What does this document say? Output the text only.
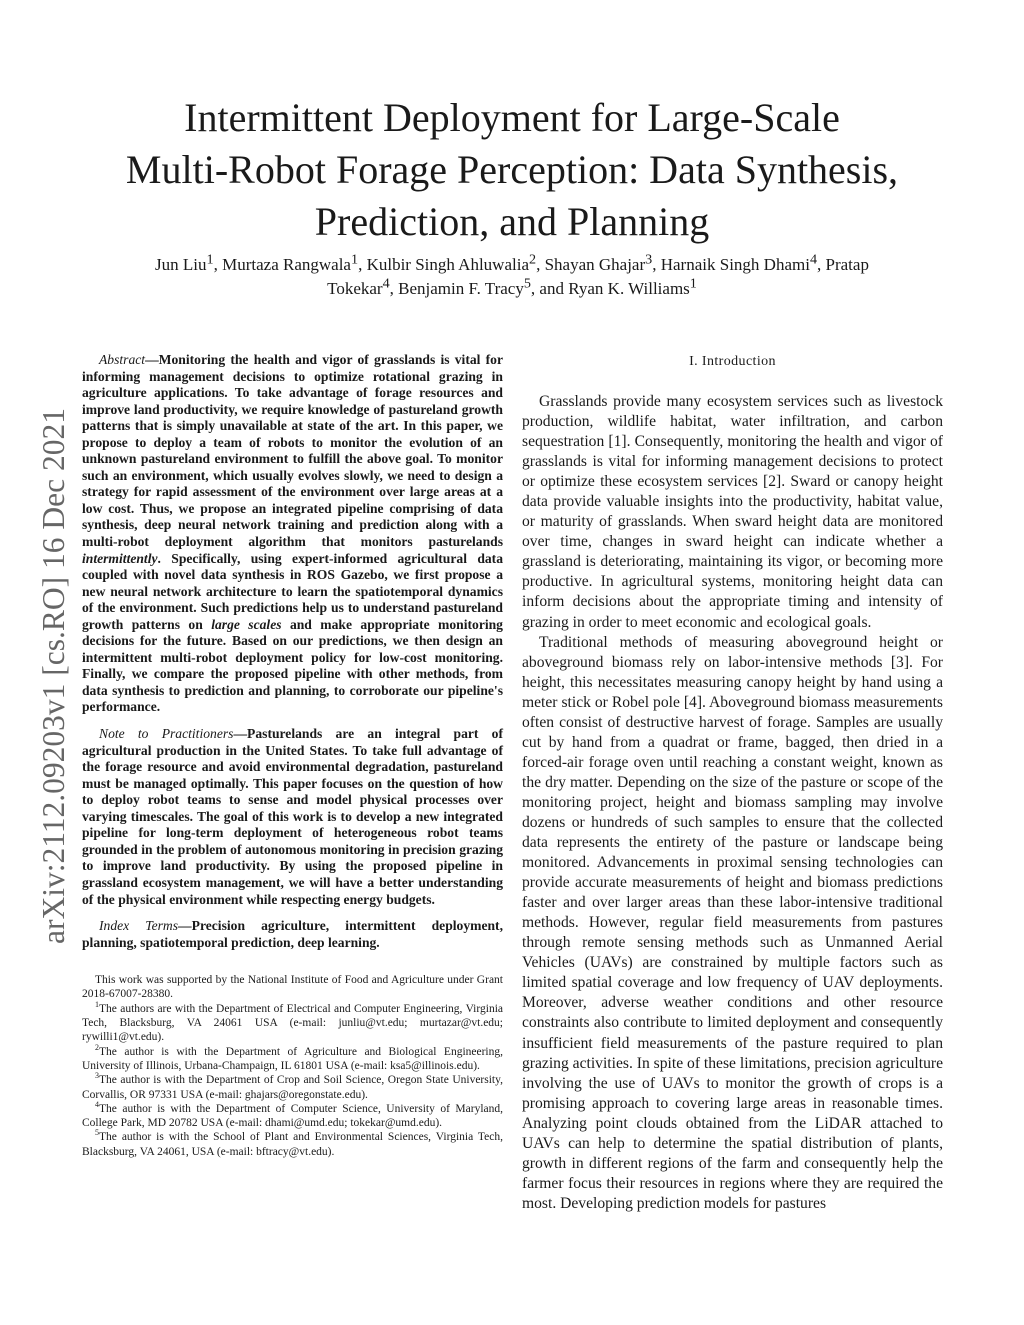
Intermittent Deployment for Large-Scale
Multi-Robot Forage Perception: Data Synthesis,
Prediction, and Planning
Jun Liu$^1$, Murtaza Rangwala$^1$, Kulbir Singh Ahluwalia$^2$, Shayan Ghajar$^3$, Harnaik Singh Dhami$^4$, Pratap
Tokekar$^4$, Benjamin F. Tracy$^5$, and Ryan K. Williams$^1$
arXiv:2112.09203v1 [cs.RO] 16 Dec 2021

Abstract—Monitoring the health and vigor of grasslands is vital for informing management decisions to optimize rotational grazing in agriculture applications. To take advantage of forage resources and improve land productivity, we require knowledge of pastureland growth patterns that is simply unavailable at state of the art. In this paper, we propose to deploy a team of robots to monitor the evolution of an unknown pastureland environment to fulfill the above goal. To monitor such an environment, which usually evolves slowly, we need to design a strategy for rapid assessment of the environment over large areas at a low cost. Thus, we propose an integrated pipeline comprising of data synthesis, deep neural network training and prediction along with a multi-robot deployment algorithm that monitors pasturelands intermittently. Specifically, using expert-informed agricultural data coupled with novel data synthesis in ROS Gazebo, we first propose a new neural network architecture to learn the spatiotemporal dynamics of the environment. Such predictions help us to understand pastureland growth patterns on large scales and make appropriate monitoring decisions for the future. Based on our predictions, we then design an intermittent multi-robot deployment policy for low-cost monitoring. Finally, we compare the proposed pipeline with other methods, from data synthesis to prediction and planning, to corroborate our pipeline's performance.

Note to Practitioners—Pasturelands are an integral part of agricultural production in the United States. To take full advantage of the forage resource and avoid environmental degradation, pastureland must be managed optimally. This paper focuses on the question of how to deploy robot teams to sense and model physical processes over varying timescales. The goal of this work is to develop a new integrated pipeline for long-term deployment of heterogeneous robot teams grounded in the problem of autonomous monitoring in precision grazing to improve land productivity. By using the proposed pipeline in grassland ecosystem management, we will have a better understanding of the physical environment while respecting energy budgets.

Index Terms—Precision agriculture, intermittent deployment, planning, spatiotemporal prediction, deep learning.

This work was supported by the National Institute of Food and Agriculture under Grant 2018-67007-28380.

$^1$The authors are with the Department of Electrical and Computer Engineering, Virginia Tech, Blacksburg, VA 24061 USA (e-mail: junliu@vt.edu; murtazar@vt.edu; rywilli1@vt.edu).

$^2$The author is with the Department of Agriculture and Biological Engineering, University of Illinois, Urbana-Champaign, IL 61801 USA (e-mail: ksa5@illinois.edu).

$^3$The author is with the Department of Crop and Soil Science, Oregon State University, Corvallis, OR 97331 USA (e-mail: ghajars@oregonstate.edu).

$^4$The author is with the Department of Computer Science, University of Maryland, College Park, MD 20782 USA (e-mail: dhami@umd.edu; tokekar@umd.edu).

$^5$The author is with the School of Plant and Environmental Sciences, Virginia Tech, Blacksburg, VA 24061, USA (e-mail: bftracy@vt.edu).

I. Introduction

Grasslands provide many ecosystem services such as livestock production, wildlife habitat, water infiltration, and carbon sequestration [1]. Consequently, monitoring the health and vigor of grasslands is vital for informing management decisions to protect or optimize these ecosystem services [2]. Sward or canopy height data provide valuable insights into the productivity, habitat value, or maturity of grasslands. When sward height data are monitored over time, changes in sward height can indicate whether a grassland is deteriorating, maintaining its vigor, or becoming more productive. In agricultural systems, monitoring height data can inform decisions about the appropriate timing and intensity of grazing in order to meet economic and ecological goals.

Traditional methods of measuring aboveground height or aboveground biomass rely on labor-intensive methods [3]. For height, this necessitates measuring canopy height by hand using a meter stick or Robel pole [4]. Aboveground biomass measurements often consist of destructive harvest of forage. Samples are usually cut by hand from a quadrat or frame, bagged, then dried in a forced-air forage oven until reaching a constant weight, known as the dry matter. Depending on the size of the pasture or scope of the monitoring project, height and biomass sampling may involve dozens or hundreds of such samples to ensure that the collected data represents the entirety of the pasture or landscape being monitored. Advancements in proximal sensing technologies can provide accurate measurements of height and biomass predictions faster and over larger areas than these labor-intensive traditional methods. However, regular field measurements from pastures through remote sensing methods such as Unmanned Aerial Vehicles (UAVs) are constrained by multiple factors such as limited spatial coverage and low frequency of UAV deployments. Moreover, adverse weather conditions and other resource constraints also contribute to limited deployment and consequently insufficient field measurements of the pasture required to plan grazing activities. In spite of these limitations, precision agriculture involving the use of UAVs to monitor the growth of crops is a promising approach to covering large areas in reasonable times. Analyzing point clouds obtained from the LiDAR attached to UAVs can help to determine the spatial distribution of plants, growth in different regions of the farm and consequently help the farmer focus their resources in regions where they are required the most. Developing prediction models for pastures
